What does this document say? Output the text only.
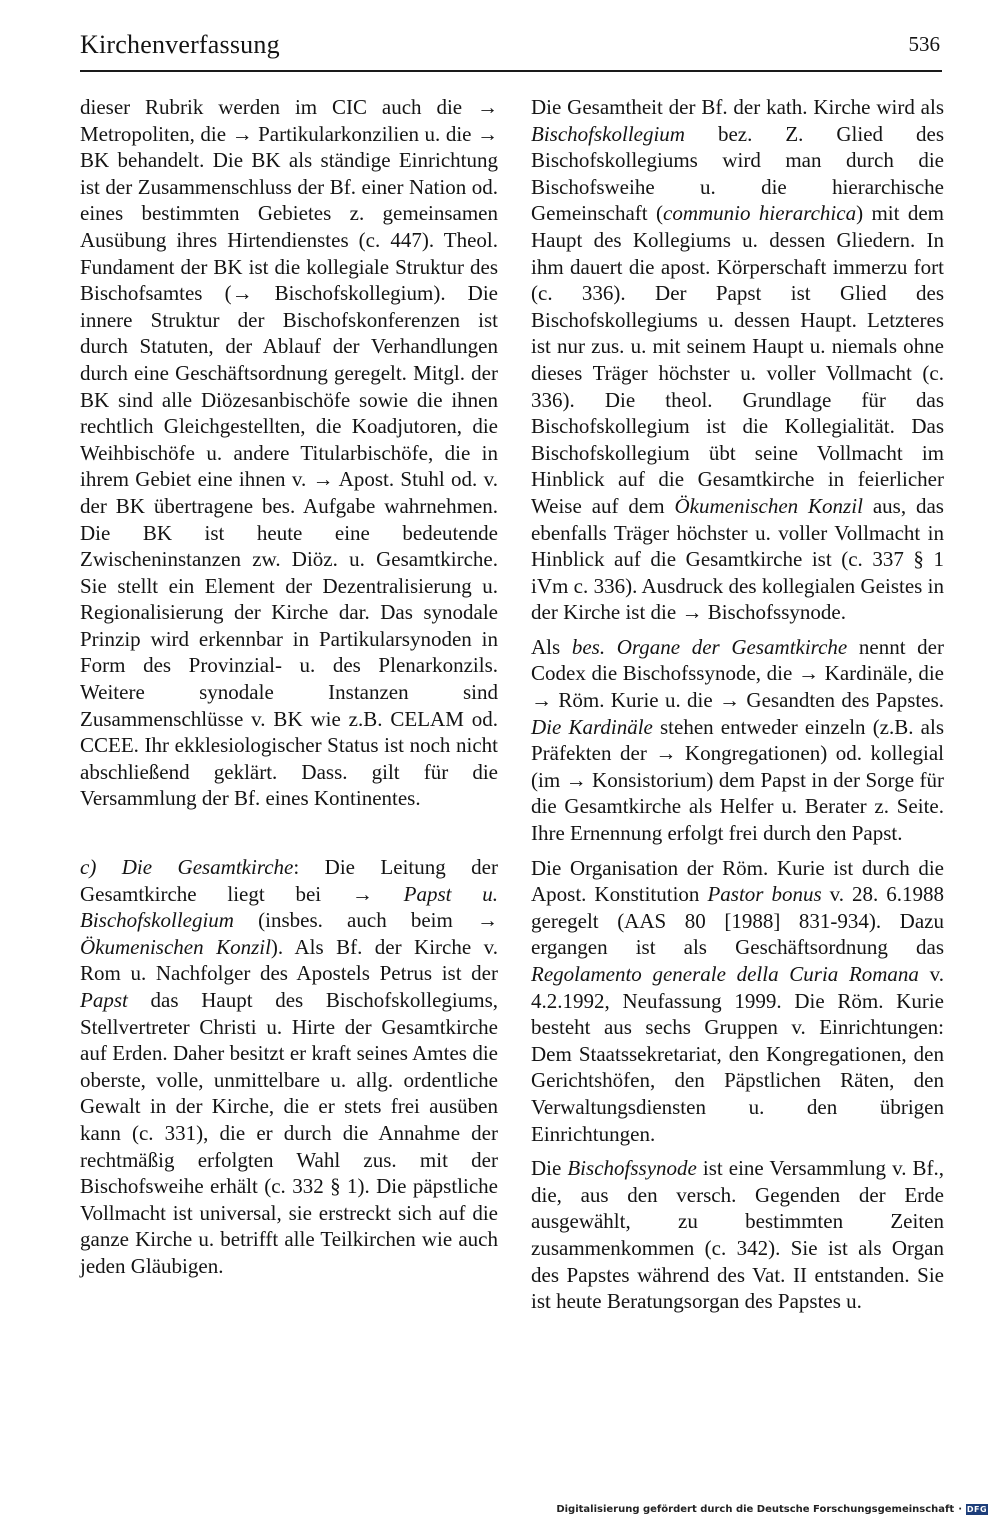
Kirchenverfassung	536

dieser Rubrik werden im CIC auch die → Metropoliten, die → Partikularkonzilien u. die → BK behandelt. Die BK als ständige Einrichtung ist der Zusammenschluss der Bf. einer Nation od. eines bestimmten Gebietes z. gemeinsamen Ausübung ihres Hirtendienstes (c. 447). Theol. Fundament der BK ist die kollegiale Struktur des Bischofsamtes (→ Bischofskollegium). Die innere Struktur der Bischofskonferenzen ist durch Statuten, der Ablauf der Verhandlungen durch eine Geschäftsordnung geregelt. Mitgl. der BK sind alle Diözesanbischöfe sowie die ihnen rechtlich Gleichgestellten, die Koadjutoren, die Weihbischöfe u. andere Titularbischöfe, die in ihrem Gebiet eine ihnen v. → Apost. Stuhl od. v. der BK übertragene bes. Aufgabe wahrnehmen. Die BK ist heute eine bedeutende Zwischeninstanzen zw. Diöz. u. Gesamtkirche. Sie stellt ein Element der Dezentralisierung u. Regionalisierung der Kirche dar. Das synodale Prinzip wird erkennbar in Partikularsynoden in Form des Provinzial- u. des Plenarkonzils. Weitere synodale Instanzen sind Zusammenschlüsse v. BK wie z.B. CELAM od. CCEE. Ihr ekklesiologischer Status ist noch nicht abschließend geklärt. Dass. gilt für die Versammlung der Bf. eines Kontinentes.

c) Die Gesamtkirche: Die Leitung der Gesamtkirche liegt bei → Papst u. Bischofskollegium (insbes. auch beim → Ökumenischen Konzil). Als Bf. der Kirche v. Rom u. Nachfolger des Apostels Petrus ist der Papst das Haupt des Bischofskollegiums, Stellvertreter Christi u. Hirte der Gesamtkirche auf Erden. Daher besitzt er kraft seines Amtes die oberste, volle, unmittelbare u. allg. ordentliche Gewalt in der Kirche, die er stets frei ausüben kann (c. 331), die er durch die Annahme der rechtmäßig erfolgten Wahl zus. mit der Bischofsweihe erhält (c. 332 § 1). Die päpstliche Vollmacht ist universal, sie erstreckt sich auf die ganze Kirche u. betrifft alle Teilkirchen wie auch jeden Gläubigen.

Die Gesamtheit der Bf. der kath. Kirche wird als Bischofskollegium bez. Z. Glied des Bischofskollegiums wird man durch die Bischofsweihe u. die hierarchische Gemeinschaft (communio hierarchica) mit dem Haupt des Kollegiums u. dessen Gliedern. In ihm dauert die apost. Körperschaft immerzu fort (c. 336). Der Papst ist Glied des Bischofskollegiums u. dessen Haupt. Letzteres ist nur zus. u. mit seinem Haupt u. niemals ohne dieses Träger höchster u. voller Vollmacht (c. 336). Die theol. Grundlage für das Bischofskollegium ist die Kollegialität. Das Bischofskollegium übt seine Vollmacht im Hinblick auf die Gesamtkirche in feierlicher Weise auf dem Ökumenischen Konzil aus, das ebenfalls Träger höchster u. voller Vollmacht in Hinblick auf die Gesamtkirche ist (c. 337 § 1 iVm c. 336). Ausdruck des kollegialen Geistes in der Kirche ist die → Bischofssynode.

Als bes. Organe der Gesamtkirche nennt der Codex die Bischofssynode, die → Kardinäle, die → Röm. Kurie u. die → Gesandten des Papstes. Die Kardinäle stehen entweder einzeln (z.B. als Präfekten der → Kongregationen) od. kollegial (im → Konsistorium) dem Papst in der Sorge für die Gesamtkirche als Helfer u. Berater z. Seite. Ihre Ernennung erfolgt frei durch den Papst.

Die Organisation der Röm. Kurie ist durch die Apost. Konstitution Pastor bonus v. 28. 6.1988 geregelt (AAS 80 [1988] 831-934). Dazu ergangen ist als Geschäftsordnung das Regolamento generale della Curia Romana v. 4.2.1992, Neufassung 1999. Die Röm. Kurie besteht aus sechs Gruppen v. Einrichtungen: Dem Staatssekretariat, den Kongregationen, den Gerichtshöfen, den Päpstlichen Räten, den Verwaltungsdiensten u. den übrigen Einrichtungen.

Die Bischofssynode ist eine Versammlung v. Bf., die, aus den versch. Gegenden der Erde ausgewählt, zu bestimmten Zeiten zusammenkommen (c. 342). Sie ist als Organ des Papstes während des Vat. II entstanden. Sie ist heute Beratungsorgan des Papstes u.

Digitalisierung gefördert durch die Deutsche Forschungsgemeinschaft · DFG
